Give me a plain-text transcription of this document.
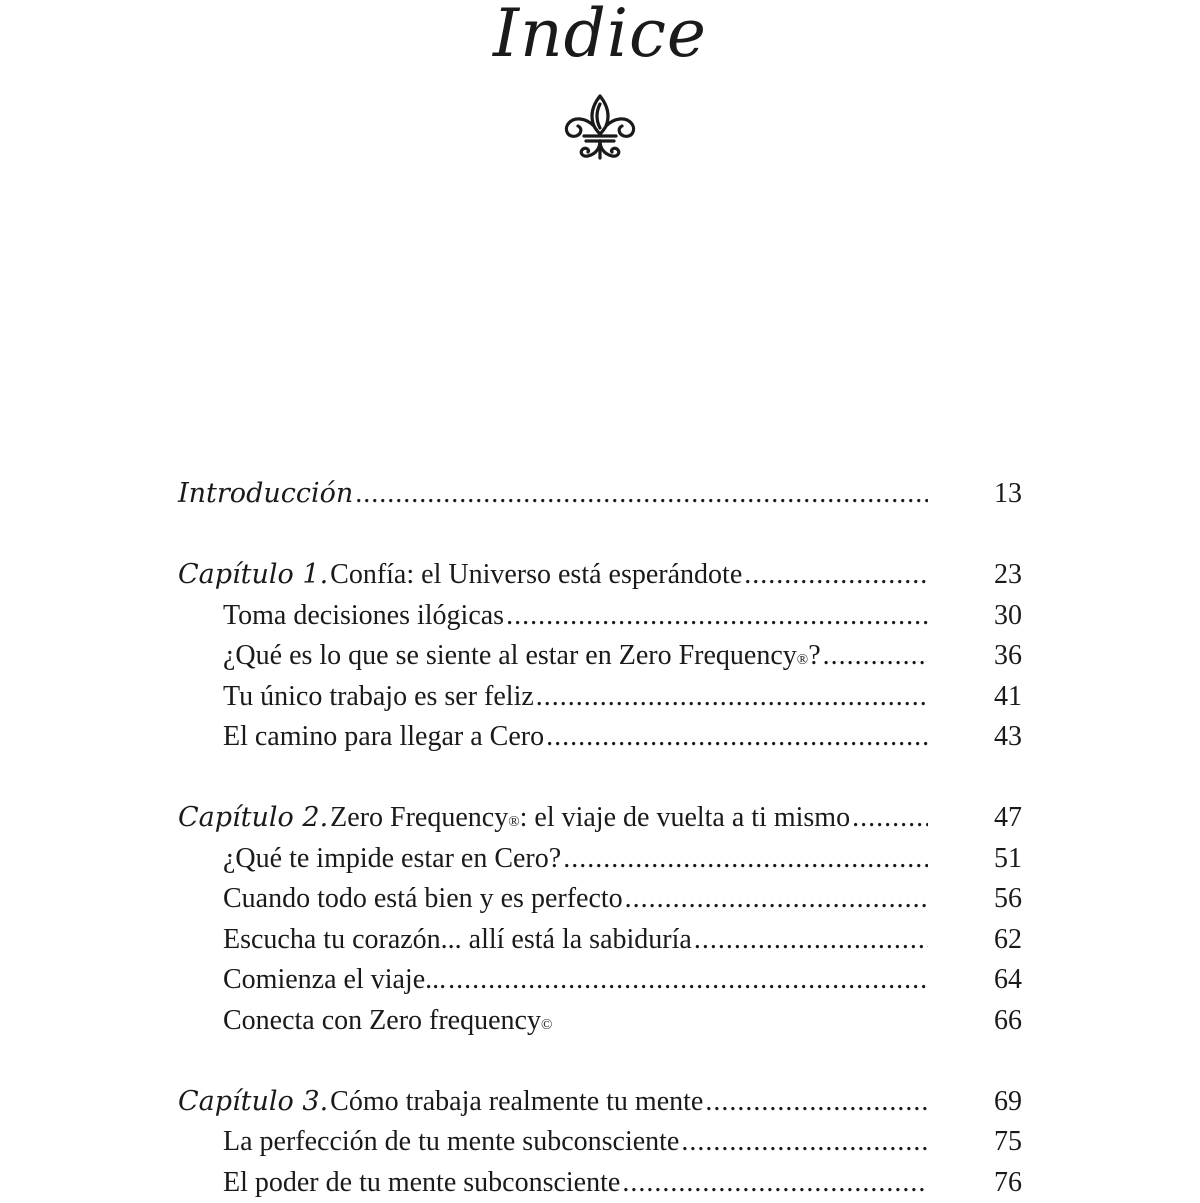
Indice
Introducción .....	13
Capítulo 1. Confía: el Universo está esperándote .....	23
Toma decisiones ilógicas .....	30
¿Qué es lo que se siente al estar en Zero Frequency ® ? .....	36
Tu único trabajo es ser feliz .....	41
El camino para llegar a Cero .....	43
Capítulo 2. Zero Frequency ® : el viaje de vuelta a ti mismo .....	47
¿Qué te impide estar en Cero? .....	51
Cuando todo está bien y es perfecto .....	56
Escucha tu corazón... allí está la sabiduría .....	62
Comienza el viaje... .....	64
Conecta con Zero frequency ©	66
Capítulo 3. Cómo trabaja realmente tu mente .....	69
La perfección de tu mente subconsciente .....	75
El poder de tu mente subconsciente .....	76
